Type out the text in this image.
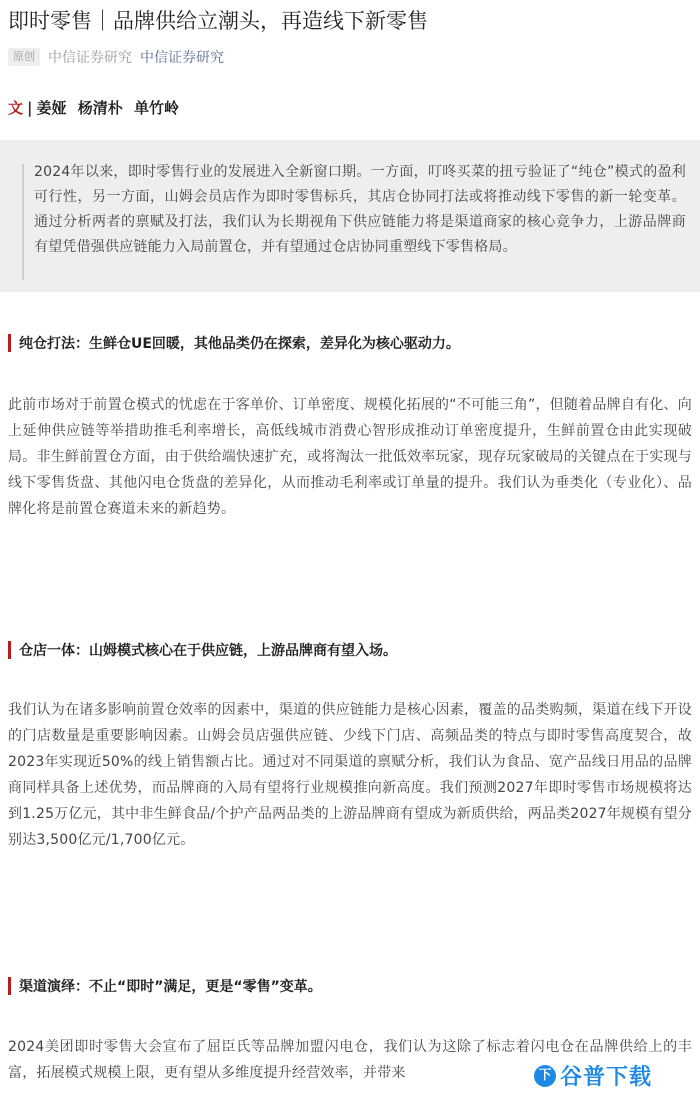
即时零售｜品牌供给立潮头，再造线下新零售
原创 中信证券研究 中信证券研究
文 | 姜娅 杨清朴 单竹岭

2024年以来，即时零售行业的发展进入全新窗口期。一方面，叮咚买菜的扭亏验证了“纯仓”模式的盈利可行性，另一方面，山姆会员店作为即时零售标兵，其店仓协同打法或将推动线下零售的新一轮变革。通过分析两者的禀赋及打法，我们认为长期视角下供应链能力将是渠道商家的核心竞争力，上游品牌商有望凭借强供应链能力入局前置仓，并有望通过仓店协同重塑线下零售格局。

纯仓打法：生鲜仓UE回暖，其他品类仍在探索，差异化为核心驱动力。

此前市场对于前置仓模式的忧虑在于客单价、订单密度、规模化拓展的“不可能三角”，但随着品牌自有化、向上延伸供应链等举措助推毛利率增长，高低线城市消费心智形成推动订单密度提升，生鲜前置仓由此实现破局。非生鲜前置仓方面，由于供给端快速扩充，或将淘汰一批低效率玩家，现存玩家破局的关键点在于实现与线下零售货盘、其他闪电仓货盘的差异化，从而推动毛利率或订单量的提升。我们认为垂类化（专业化）、品牌化将是前置仓赛道未来的新趋势。

仓店一体：山姆模式核心在于供应链，上游品牌商有望入场。

我们认为在诸多影响前置仓效率的因素中，渠道的供应链能力是核心因素，覆盖的品类购频，渠道在线下开设的门店数量是重要影响因素。山姆会员店强供应链、少线下门店、高频品类的特点与即时零售高度契合，故2023年实现近50%的线上销售额占比。通过对不同渠道的禀赋分析，我们认为食品、宽产品线日用品的品牌商同样具备上述优势，而品牌商的入局有望将行业规模推向新高度。我们预测2027年即时零售市场规模将达到1.25万亿元，其中非生鲜食品/个护产品两品类的上游品牌商有望成为新质供给，两品类2027年规模有望分别达3,500亿元/1,700亿元。

渠道演绎：不止“即时”满足，更是“零售”变革。

2024美团即时零售大会宣布了屈臣氏等品牌加盟闪电仓，我们认为这除了标志着闪电仓在品牌供给上的丰富，拓展模式规模上限，更有望从多维度提升经营效率，并带来	下 谷普下载
